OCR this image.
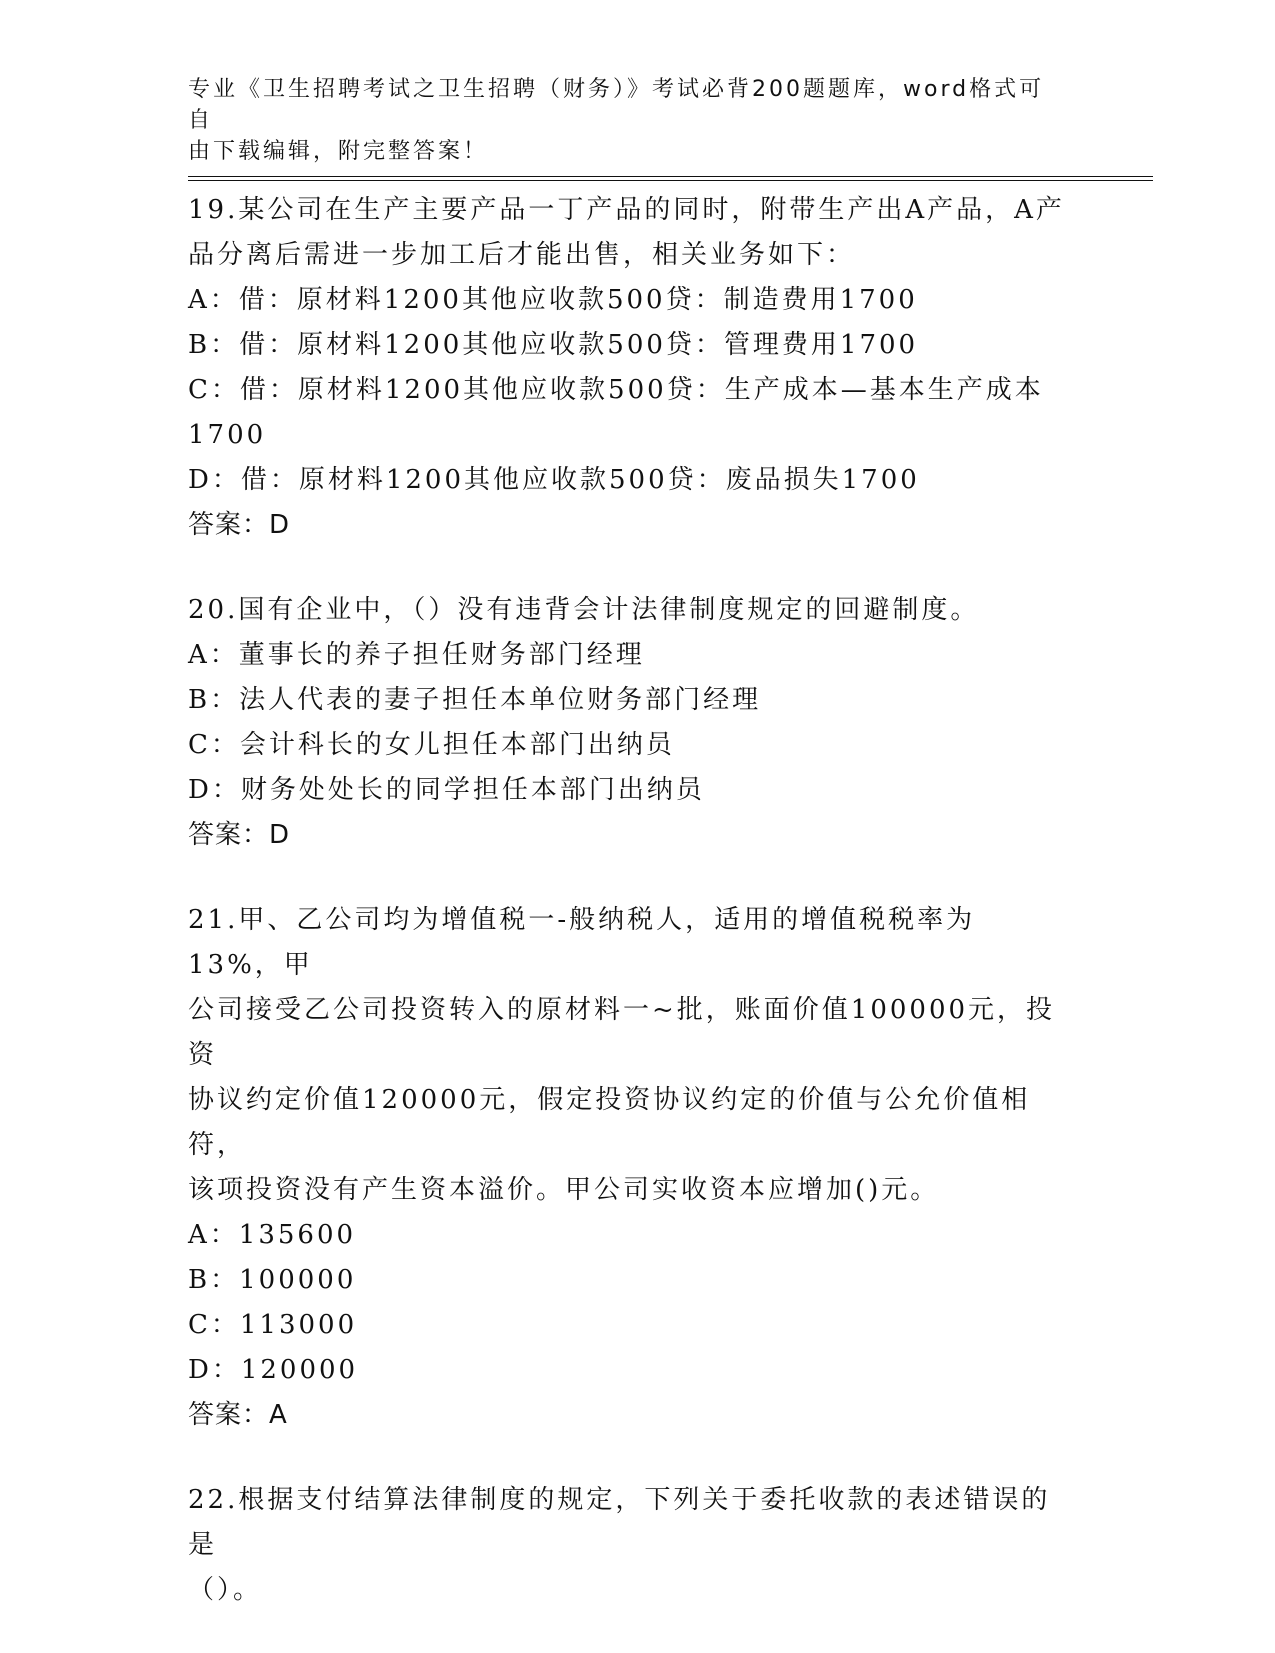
专业《卫生招聘考试之卫生招聘（财务）》考试必背200题题库，word格式可自
由下载编辑，附完整答案！
19.某公司在生产主要产品一丁产品的同时，附带生产出A产品，A产
品分离后需进一步加工后才能出售，相关业务如下：
A：借：原材料1200其他应收款500贷：制造费用1700
B：借：原材料1200其他应收款500贷：管理费用1700
C：借：原材料1200其他应收款500贷：生产成本—基本生产成本
1700
D：借：原材料1200其他应收款500贷：废品损失1700
答案：D
20.国有企业中，（）没有违背会计法律制度规定的回避制度。
A：董事长的养子担任财务部门经理
B：法人代表的妻子担任本单位财务部门经理
C：会计科长的女儿担任本部门出纳员
D：财务处处长的同学担任本部门出纳员
答案：D
21.甲、乙公司均为增值税一-般纳税人，适用的增值税税率为13%，甲
公司接受乙公司投资转入的原材料一~批，账面价值100000元，投资
协议约定价值120000元，假定投资协议约定的价值与公允价值相符，
该项投资没有产生资本溢价。甲公司实收资本应增加()元。
A：135600
B：100000
C：113000
D：120000
答案：A
22.根据支付结算法律制度的规定，下列关于委托收款的表述错误的是
（）。
